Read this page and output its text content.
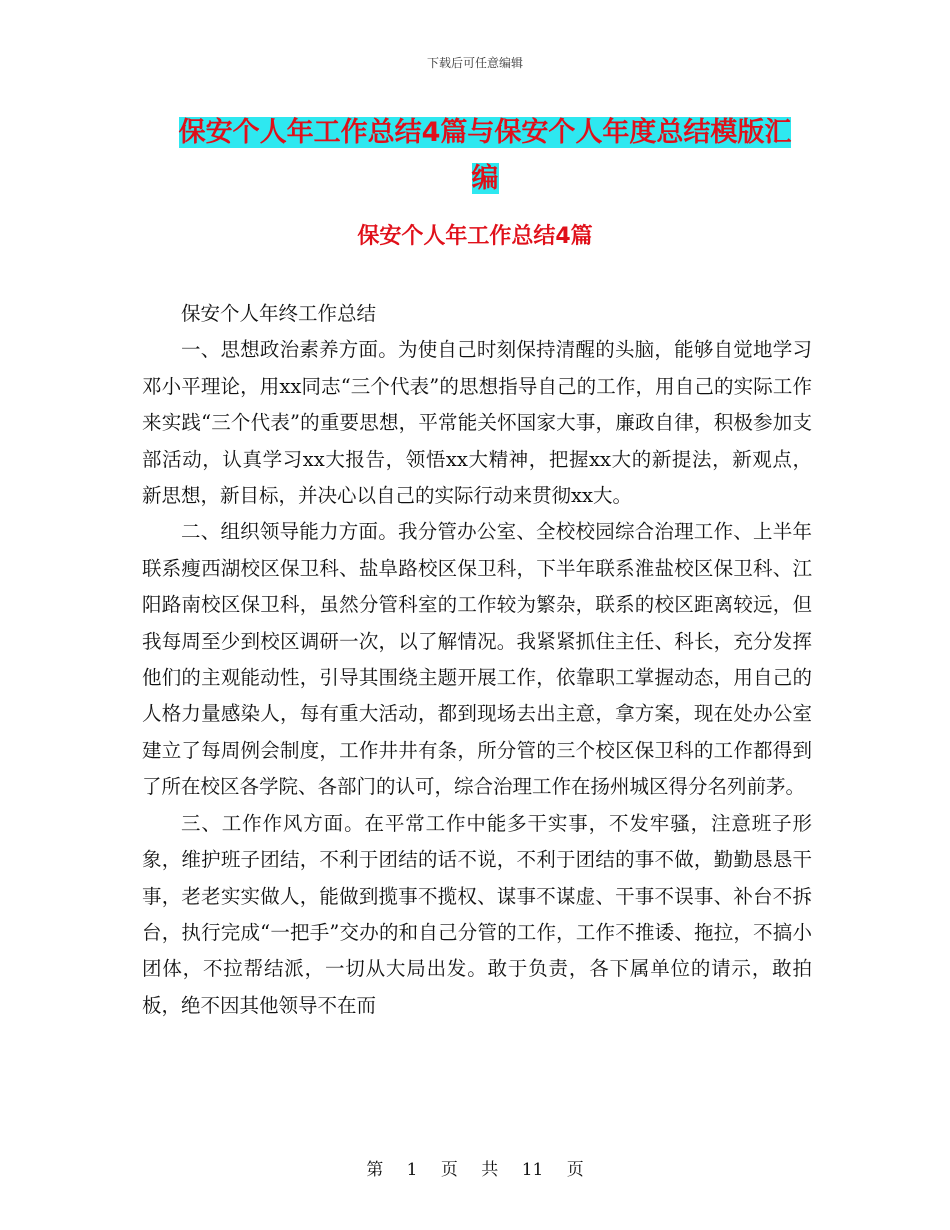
下载后可任意编辑
保安个人年工作总结4篇与保安个人年度总结模版汇编
保安个人年工作总结4篇

保安个人年终工作总结

一、思想政治素养方面。为使自己时刻保持清醒的头脑，能够自觉地学习邓小平理论，用xx同志“三个代表”的思想指导自己的工作，用自己的实际工作来实践“三个代表”的重要思想，平常能关怀国家大事，廉政自律，积极参加支部活动，认真学习xx大报告，领悟xx大精神，把握xx大的新提法，新观点，新思想，新目标，并决心以自己的实际行动来贯彻xx大。

二、组织领导能力方面。我分管办公室、全校校园综合治理工作、上半年联系瘦西湖校区保卫科、盐阜路校区保卫科，下半年联系淮盐校区保卫科、江阳路南校区保卫科，虽然分管科室的工作较为繁杂，联系的校区距离较远，但我每周至少到校区调研一次，以了解情况。我紧紧抓住主任、科长，充分发挥他们的主观能动性，引导其围绕主题开展工作，依靠职工掌握动态，用自己的人格力量感染人，每有重大活动，都到现场去出主意，拿方案，现在处办公室建立了每周例会制度，工作井井有条，所分管的三个校区保卫科的工作都得到了所在校区各学院、各部门的认可，综合治理工作在扬州城区得分名列前茅。

三、工作作风方面。在平常工作中能多干实事，不发牢骚，注意班子形象，维护班子团结，不利于团结的话不说，不利于团结的事不做，勤勤恳恳干事，老老实实做人，能做到揽事不揽权、谋事不谋虚、干事不误事、补台不拆台，执行完成“一把手”交办的和自己分管的工作，工作不推诿、拖拉，不搞小团体，不拉帮结派，一切从大局出发。敢于负责，各下属单位的请示，敢拍板，绝不因其他领导不在而

第 1 页 共 11 页
